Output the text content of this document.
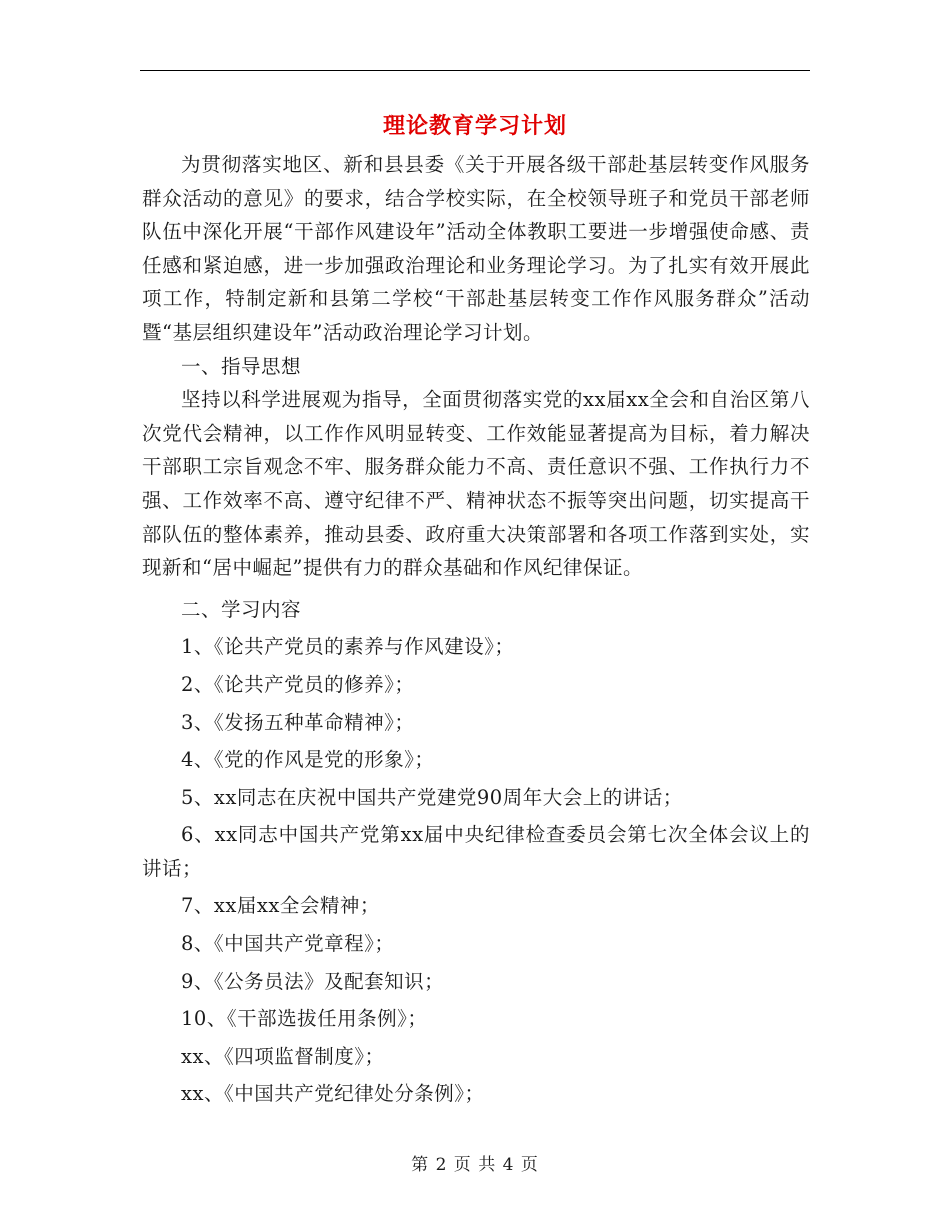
理论教育学习计划

为贯彻落实地区、新和县县委《关于开展各级干部赴基层转变作风服务群众活动的意见》的要求，结合学校实际，在全校领导班子和党员干部老师队伍中深化开展“干部作风建设年”活动全体教职工要进一步增强使命感、责任感和紧迫感，进一步加强政治理论和业务理论学习。为了扎实有效开展此项工作，特制定新和县第二学校“干部赴基层转变工作作风服务群众”活动暨“基层组织建设年”活动政治理论学习计划。

一、指导思想

坚持以科学进展观为指导，全面贯彻落实党的xx届xx全会和自治区第八次党代会精神，以工作作风明显转变、工作效能显著提高为目标，着力解决干部职工宗旨观念不牢、服务群众能力不高、责任意识不强、工作执行力不强、工作效率不高、遵守纪律不严、精神状态不振等突出问题，切实提高干部队伍的整体素养，推动县委、政府重大决策部署和各项工作落到实处，实现新和“居中崛起”提供有力的群众基础和作风纪律保证。

二、学习内容

1、《论共产党员的素养与作风建设》；

2、《论共产党员的修养》；

3、《发扬五种革命精神》；

4、《党的作风是党的形象》；

5、xx同志在庆祝中国共产党建党90周年大会上的讲话；

6、xx同志中国共产党第xx届中央纪律检查委员会第七次全体会议上的讲话；

7、xx届xx全会精神；

8、《中国共产党章程》；

9、《公务员法》及配套知识；

10、《干部选拔任用条例》；

xx、《四项监督制度》；

xx、《中国共产党纪律处分条例》；

第 2 页 共 4 页
